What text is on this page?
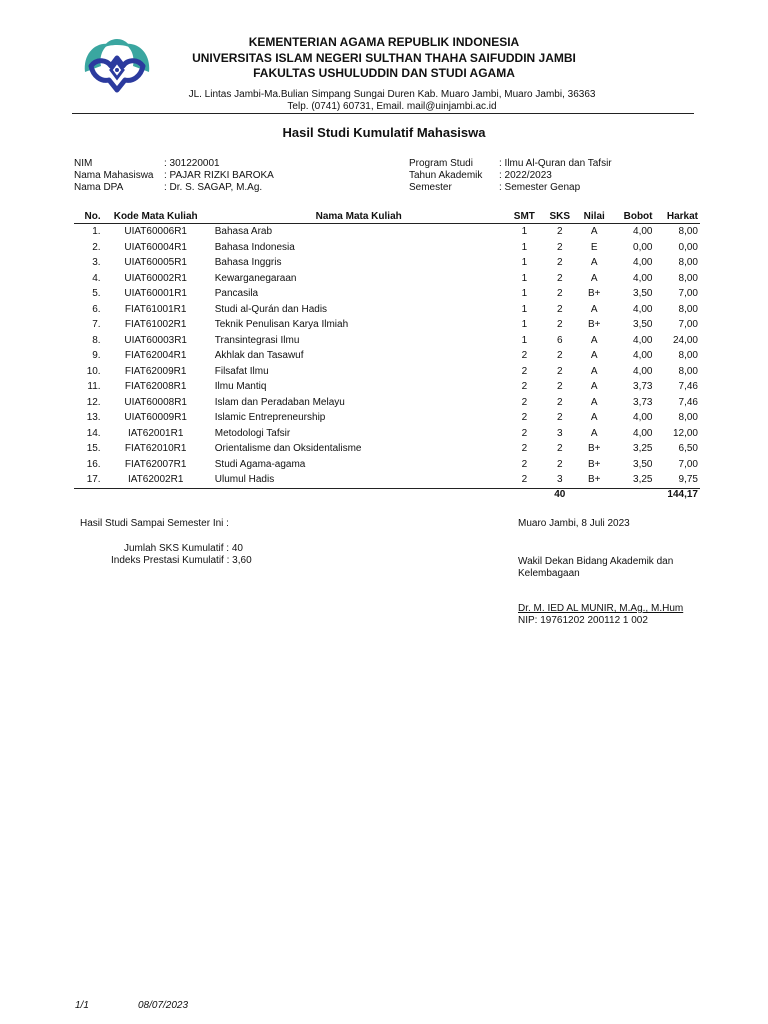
KEMENTERIAN AGAMA REPUBLIK INDONESIA
UNIVERSITAS ISLAM NEGERI SULTHAN THAHA SAIFUDDIN JAMBI
FAKULTAS USHULUDDIN DAN STUDI AGAMA
JL. Lintas Jambi-Ma.Bulian Simpang Sungai Duren Kab. Muaro Jambi, Muaro Jambi, 36363
Telp. (0741) 60731, Email. mail@uinjambi.ac.id
Hasil Studi Kumulatif Mahasiswa
NIM	: 301220001
Nama Mahasiswa : PAJAR RIZKI BAROKA
Nama DPA	: Dr. S. SAGAP, M.Ag.
Program Studi	: Ilmu Al-Quran dan Tafsir
Tahun Akademik : 2022/2023
Semester	: Semester Genap
No.	Kode Mata Kuliah	Nama Mata Kuliah	SMT	SKS	Nilai	Bobot	Harkat
1.	UIAT60006R1	Bahasa Arab	1	2	A	4,00	8,00
2.	UIAT60004R1	Bahasa Indonesia	1	2	E	0,00	0,00
3.	UIAT60005R1	Bahasa Inggris	1	2	A	4,00	8,00
4.	UIAT60002R1	Kewarganegaraan	1	2	A	4,00	8,00
5.	UIAT60001R1	Pancasila	1	2	B+	3,50	7,00
6.	FIAT61001R1	Studi al-Qurán dan Hadis	1	2	A	4,00	8,00
7.	FIAT61002R1	Teknik Penulisan Karya Ilmiah	1	2	B+	3,50	7,00
8.	UIAT60003R1	Transintegrasi Ilmu	1	6	A	4,00	24,00
9.	FIAT62004R1	Akhlak dan Tasawuf	2	2	A	4,00	8,00
10.	FIAT62009R1	Filsafat Ilmu	2	2	A	4,00	8,00
11.	FIAT62008R1	Ilmu Mantiq	2	2	A	3,73	7,46
12.	UIAT60008R1	Islam dan Peradaban Melayu	2	2	A	3,73	7,46
13.	UIAT60009R1	Islamic Entrepreneurship	2	2	A	4,00	8,00
14.	IAT62001R1	Metodologi Tafsir	2	3	A	4,00	12,00
15.	FIAT62010R1	Orientalisme dan Oksidentalisme	2	2	B+	3,25	6,50
16.	FIAT62007R1	Studi Agama-agama	2	2	B+	3,50	7,00
17.	IAT62002R1	Ulumul Hadis	2	3	B+	3,25	9,75
				40			144,17
Hasil Studi Sampai Semester Ini :
Jumlah SKS Kumulatif : 40
Indeks Prestasi Kumulatif : 3,60
Muaro Jambi, 8 Juli 2023
Wakil Dekan Bidang Akademik dan
Kelembagaan
Dr. M. IED AL MUNIR, M.Ag., M.Hum
NIP: 19761202 200112 1 002
1/1	08/07/2023
